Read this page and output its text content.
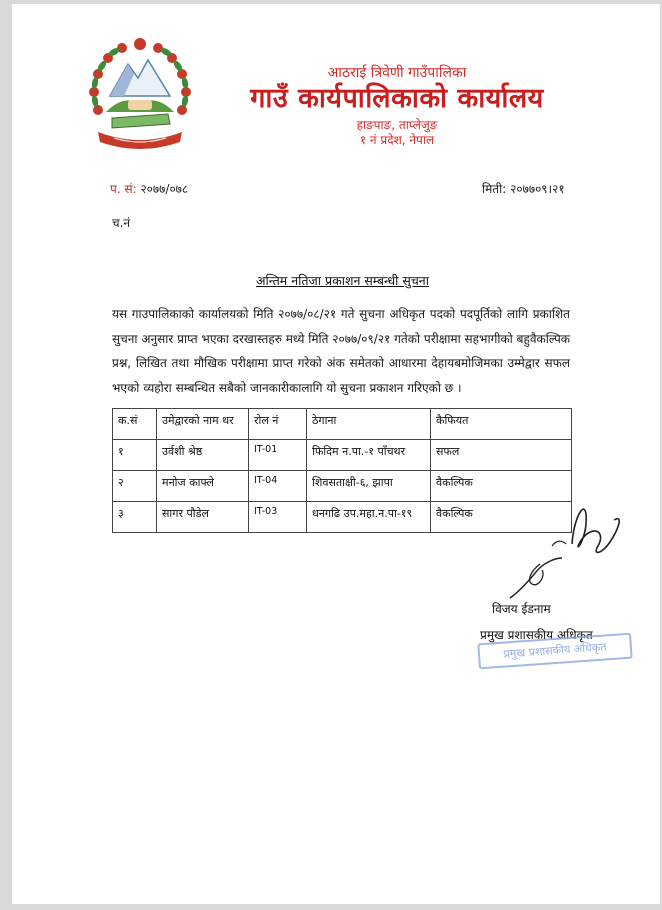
आठराई त्रिवेणी गाउँपालिका
गाउँ कार्यपालिकाको कार्यालय
हाङपाङ, ताप्लेजुङ
१ नं प्रदेश, नेपाल
प. सं: २०७७/०७८	मिती: २०७७०९।२१
च.नं
अन्तिम नतिजा प्रकाशन सम्बन्धी सुचना
यस गाउपालिकाको कार्यालयको मिति २०७७/०८/२१ गते सुचना अधिकृत पदको पदपूर्तिको लागि प्रकाशित सुचना अनुसार प्राप्त भएका दरखास्तहरु मध्ये मिति २०७७/०९/२१ गतेको परीक्षामा सहभागीको बहुवैकल्पिक प्रश्न, लिखित तथा मौखिक परीक्षामा प्राप्त गरेको अंक समेतको आधारमा देहायबमोजिमका उम्मेद्वार सफल भएको व्यहोरा सम्बन्धित सबैको जानकारीकालागि यो सुचना प्रकाशन गरिएको छ ।
क.सं	उमेद्वारको नाम थर	रोल नं	ठेगाना	कैफियत
१	उर्वशी श्रेष्ठ	IT-01	फिदिम न.पा.-१ पाँचथर	सफल
२	मनोज काफ्ले	IT-04	शिवसताक्षी-६, झापा	वैकल्पिक
३	सागर पौडेल	IT-03	धनगढि उप.महा.न.पा-१९	वैकल्पिक
विजय ईडनाम
प्रमुख प्रशासकीय अधिकृत
प्रमुख प्रशासकीय अधिकृत
